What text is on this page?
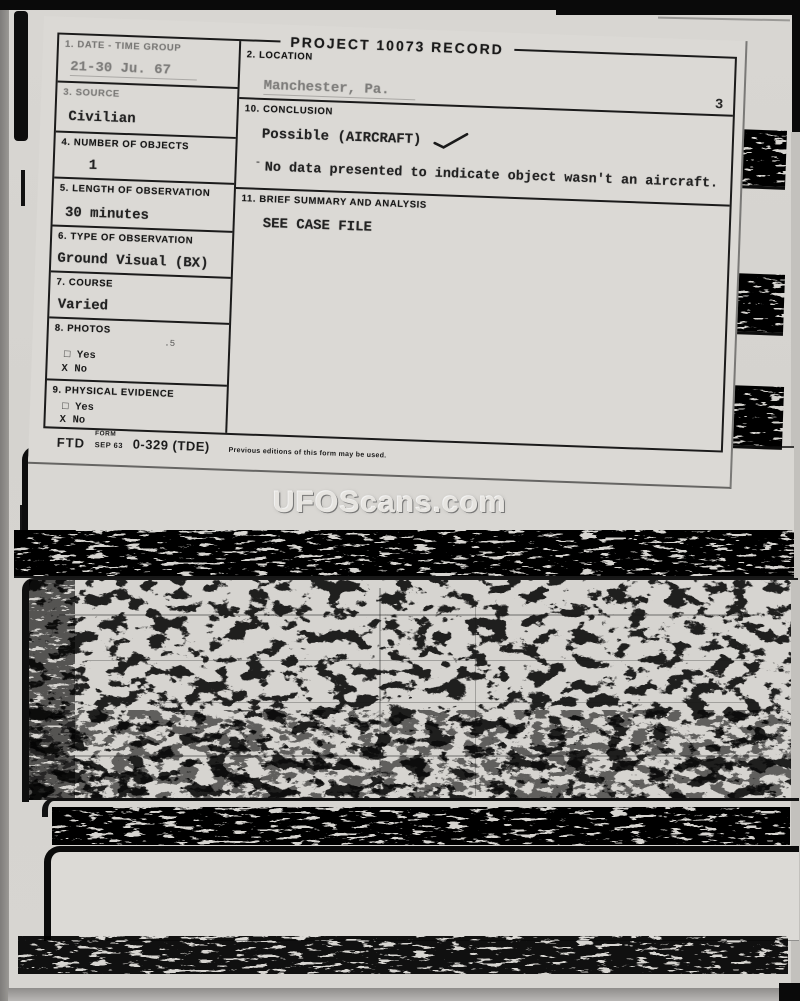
UFOScans.com
PROJECT 10073 RECORD
1. DATE - TIME GROUP
21-30 Ju. 67
3. SOURCE
Civilian
4. NUMBER OF OBJECTS
1
5. LENGTH OF OBSERVATION
30 minutes
6. TYPE OF OBSERVATION
Ground Visual (BX)
7. COURSE
Varied
8. PHOTOS
.5
□ Yes
X No
9. PHYSICAL EVIDENCE
□ Yes
X No
2. LOCATION
Manchester, Pa.
3
10. CONCLUSION
Possible (AIRCRAFT)
- No data presented to indicate object wasn't an aircraft.
11. BRIEF SUMMARY AND ANALYSIS
SEE CASE FILE
FTD
FORM
SEP 63 0-329 (TDE)	Previous editions of this form may be used.
